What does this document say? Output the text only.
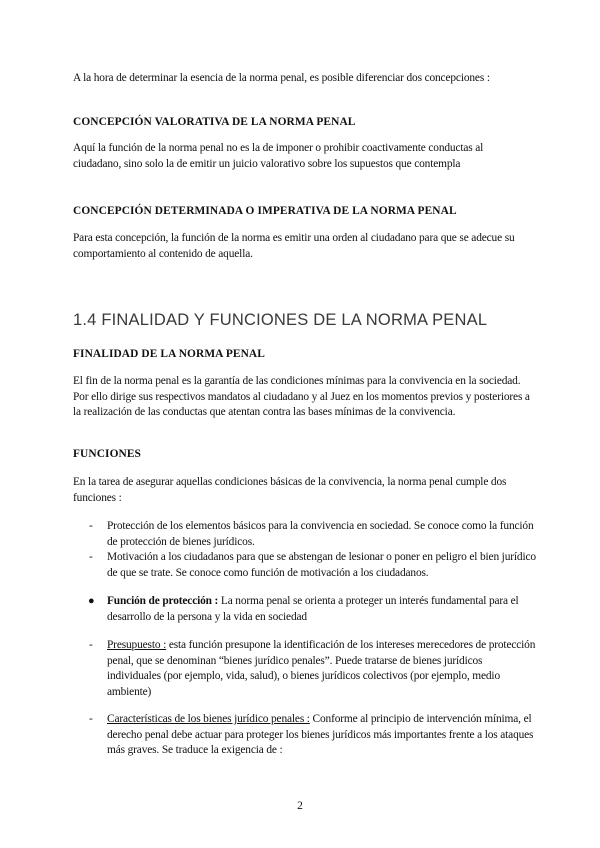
A la hora de determinar la esencia de la norma penal, es posible diferenciar dos concepciones :

CONCEPCIÓN VALORATIVA DE LA NORMA PENAL

Aquí la función de la norma penal no es la de imponer o prohibir coactivamente conductas al ciudadano, sino solo la de emitir un juicio valorativo sobre los supuestos que contempla

CONCEPCIÓN DETERMINADA O IMPERATIVA DE LA NORMA PENAL

Para esta concepción, la función de la norma es emitir una orden al ciudadano para que se adecue su comportamiento al contenido de aquella.

1.4 FINALIDAD Y FUNCIONES DE LA NORMA PENAL

FINALIDAD DE LA NORMA PENAL

El fin de la norma penal es la garantía de las condiciones mínimas para la convivencia en la sociedad. Por ello dirige sus respectivos mandatos al ciudadano y al Juez en los momentos previos y posteriores a la realización de las conductas que atentan contra las bases mínimas de la convivencia.

FUNCIONES

En la tarea de asegurar aquellas condiciones básicas de la convivencia, la norma penal cumple dos funciones :

- Protección de los elementos básicos para la convivencia en sociedad. Se conoce como la función de protección de bienes jurídicos.

- Motivación a los ciudadanos para que se abstengan de lesionar o poner en peligro el bien jurídico de que se trate. Se conoce como función de motivación a los ciudadanos.

● Función de protección : La norma penal se orienta a proteger un interés fundamental para el desarrollo de la persona y la vida en sociedad

- Presupuesto : esta función presupone la identificación de los intereses merecedores de protección penal, que se denominan “bienes jurídico penales”. Puede tratarse de bienes jurídicos individuales (por ejemplo, vida, salud), o bienes jurídicos colectivos (por ejemplo, medio ambiente)

- Características de los bienes jurídico penales : Conforme al principio de intervención mínima, el derecho penal debe actuar para proteger los bienes jurídicos más importantes frente a los ataques más graves. Se traduce la exigencia de :

2
